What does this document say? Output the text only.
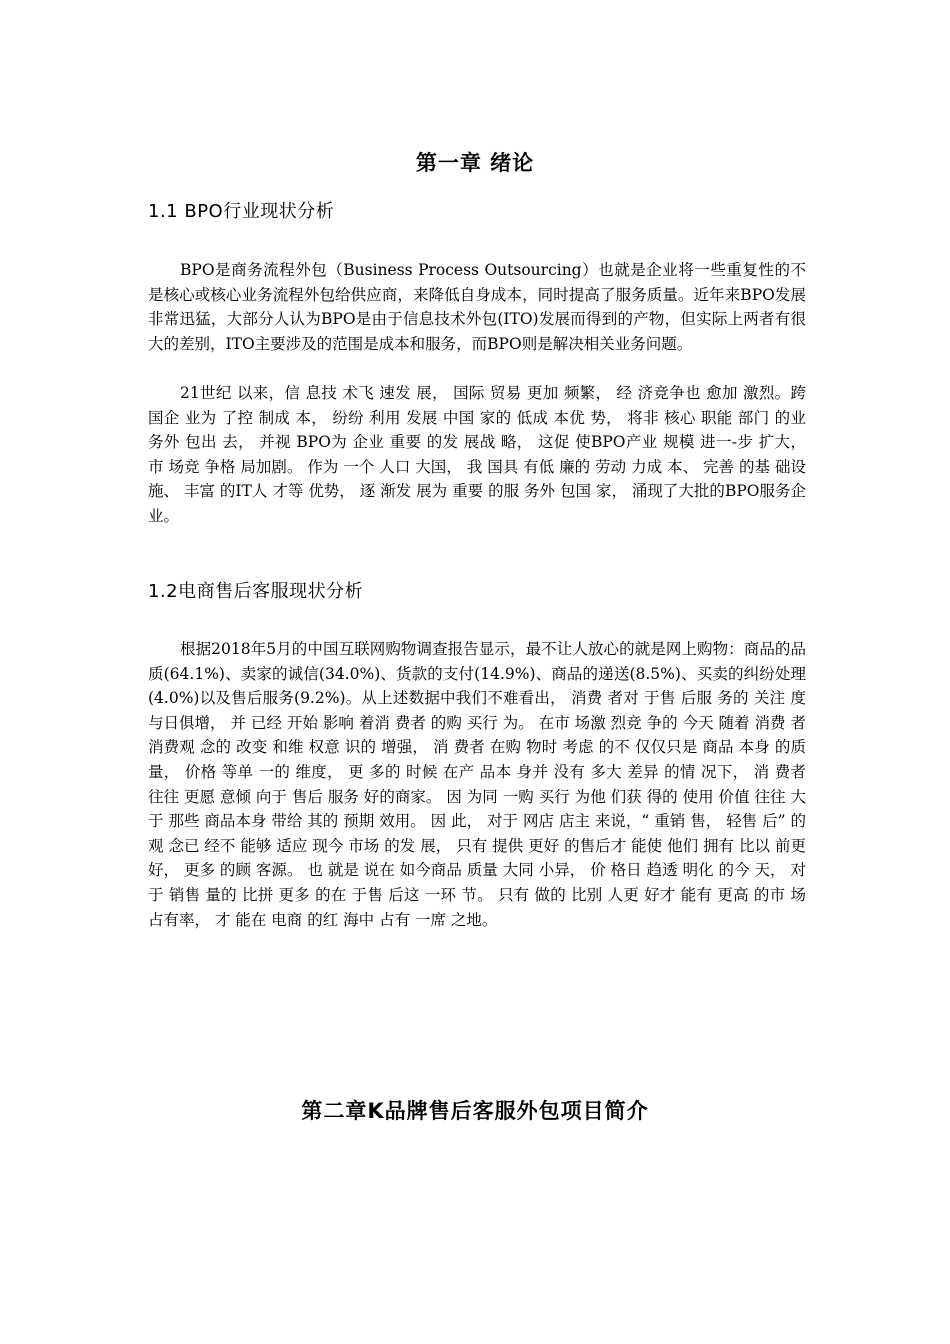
第一章 绪论
1.1 BPO行业现状分析

BPO是商务流程外包（Business Process Outsourcing）也就是企业将一些重复性的不是核心或核心业务流程外包给供应商，来降低自身成本，同时提高了服务质量。近年来BPO发展非常迅猛，大部分人认为BPO是由于信息技术外包(ITO)发展而得到的产物，但实际上两者有很大的差别，ITO主要涉及的范围是成本和服务，而BPO则是解决相关业务问题。

21世纪 以来，信 息技 术飞 速发 展， 国际 贸易 更加 频繁， 经 济竞争也 愈加 激烈。跨 国企 业为 了控 制成 本， 纷纷 利用 发展 中国 家的 低成 本优 势， 将非 核心 职能 部门 的业 务外 包出 去， 并视 BPO为 企业 重要 的发 展战 略， 这促 使BPO产业 规模 进一-步 扩大， 市 场竞 争格 局加剧。 作为 一个 人口 大国， 我 国具 有低 廉的 劳动 力成 本、 完善 的基 础设 施、 丰富 的IT人 才等 优势， 逐 渐发 展为 重要 的服 务外 包国 家， 涌现了大批的BPO服务企业。

1.2电商售后客服现状分析

根据2018年5月的中国互联网购物调查报告显示，最不让人放心的就是网上购物：商品的品质(64.1%)、卖家的诚信(34.0%)、货款的支付(14.9%)、商品的递送(8.5%)、买卖的纠纷处理(4.0%)以及售后服务(9.2%)。从上述数据中我们不难看出， 消费 者对 于售 后服 务的 关注 度与日俱增， 并 已经 开始 影响 着消 费者 的购 买行 为。 在市 场激 烈竞 争的 今天 随着 消费 者消费观 念的 改变 和维 权意 识的 增强， 消 费者 在购 物时 考虑 的不 仅仅只是 商品 本身 的质 量， 价格 等单 一的 维度， 更 多的 时候 在产 品本 身并 没有 多大 差异 的情 况下， 消 费者 往往 更愿 意倾 向于 售后 服务 好的商家。 因 为同 一购 买行 为他 们获 得的 使用 价值 往往 大于 那些 商品本身 带给 其的 预期 效用。 因 此， 对于 网店 店主 来说，“ 重销 售， 轻售 后” 的观 念已 经不 能够 适应 现今 市场 的发 展， 只有 提供 更好 的售后才 能使 他们 拥有 比以 前更 好， 更多 的顾 客源。 也 就是 说在 如今商品 质量 大同 小异， 价 格日 趋透 明化 的今 天， 对于 销售 量的 比拼 更多 的在 于售 后这 一环 节。 只有 做的 比别 人更 好才 能有 更高 的市 场占有率， 才 能在 电商 的红 海中 占有 一席 之地。

第二章K品牌售后客服外包项目简介
